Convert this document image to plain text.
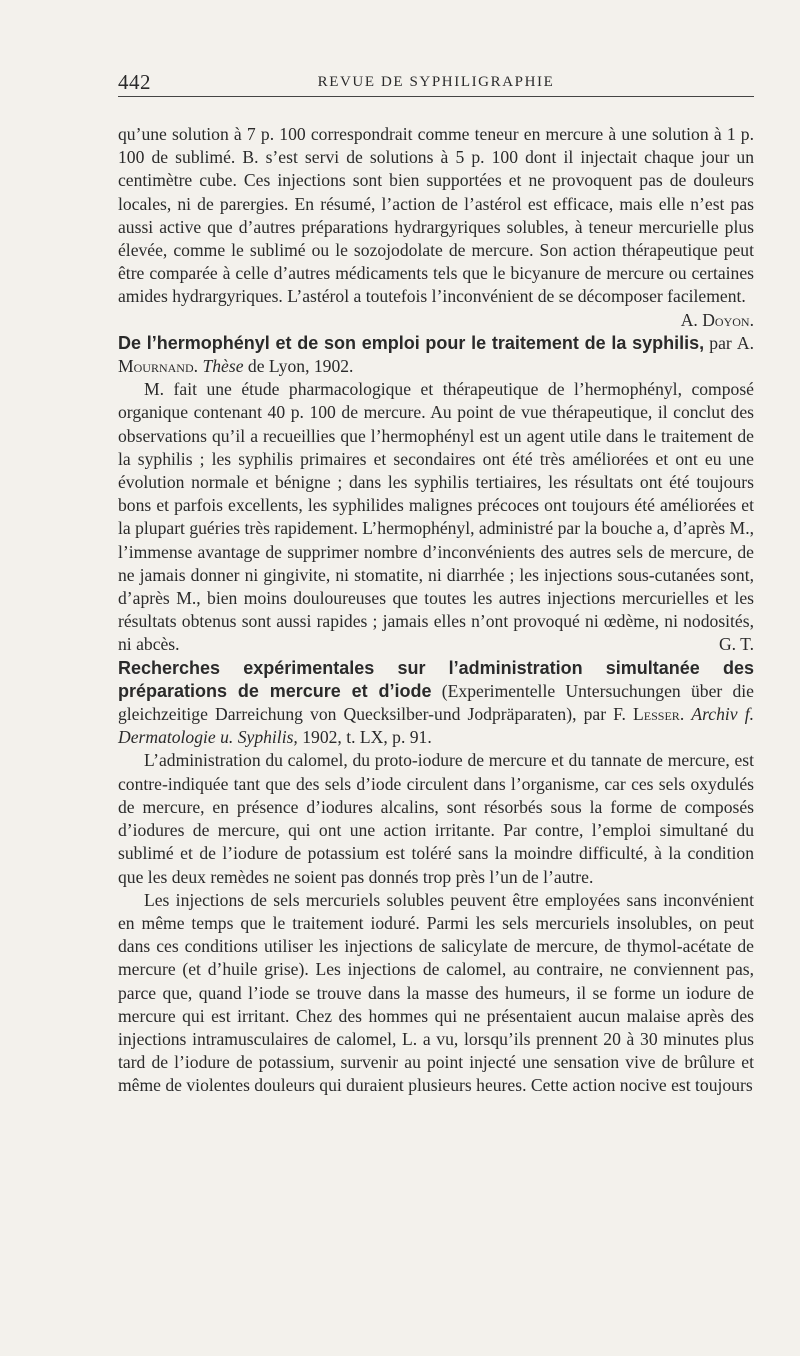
442	REVUE DE SYPHILIGRAPHIE

qu’une solution à 7 p. 100 correspondrait comme teneur en mercure à une solution à 1 p. 100 de sublimé. B. s’est servi de solutions à 5 p. 100 dont il injectait chaque jour un centimètre cube. Ces injections sont bien supportées et ne provoquent pas de douleurs locales, ni de parergies. En résumé, l’action de l’astérol est efficace, mais elle n’est pas aussi active que d’autres préparations hydrargyriques solubles, à teneur mercurielle plus élevée, comme le sublimé ou le sozojodolate de mercure. Son action thérapeutique peut être comparée à celle d’autres médicaments tels que le bicyanure de mercure ou certaines amides hydrargyriques. L’astérol a toutefois l’inconvénient de se décomposer facilement.
A. Doyon.

De l’hermophényl et de son emploi pour le traitement de la syphilis, par A. Mournand. Thèse de Lyon, 1902.

M. fait une étude pharmacologique et thérapeutique de l’hermophényl, composé organique contenant 40 p. 100 de mercure. Au point de vue thérapeutique, il conclut des observations qu’il a recueillies que l’hermophényl est un agent utile dans le traitement de la syphilis ; les syphilis primaires et secondaires ont été très améliorées et ont eu une évolution normale et bénigne ; dans les syphilis tertiaires, les résultats ont été toujours bons et parfois excellents, les syphilides malignes précoces ont toujours été améliorées et la plupart guéries très rapidement. L’hermophényl, administré par la bouche a, d’après M., l’immense avantage de supprimer nombre d’inconvénients des autres sels de mercure, de ne jamais donner ni gingivite, ni stomatite, ni diarrhée ; les injections sous-cutanées sont, d’après M., bien moins douloureuses que toutes les autres injections mercurielles et les résultats obtenus sont aussi rapides ; jamais elles n’ont provoqué ni œdème, ni nodosités, ni abcès.	G. T.

Recherches expérimentales sur l’administration simultanée des préparations de mercure et d’iode (Experimentelle Untersuchungen über die gleichzeitige Darreichung von Quecksilber-und Jodpräparaten), par F. Lesser. Archiv f. Dermatologie u. Syphilis, 1902, t. LX, p. 91.

L’administration du calomel, du proto-iodure de mercure et du tannate de mercure, est contre-indiquée tant que des sels d’iode circulent dans l’organisme, car ces sels oxydulés de mercure, en présence d’iodures alcalins, sont résorbés sous la forme de composés d’iodures de mercure, qui ont une action irritante. Par contre, l’emploi simultané du sublimé et de l’iodure de potassium est toléré sans la moindre difficulté, à la condition que les deux remèdes ne soient pas donnés trop près l’un de l’autre.

Les injections de sels mercuriels solubles peuvent être employées sans inconvénient en même temps que le traitement ioduré. Parmi les sels mercuriels insolubles, on peut dans ces conditions utiliser les injections de salicylate de mercure, de thymol-acétate de mercure (et d’huile grise). Les injections de calomel, au contraire, ne conviennent pas, parce que, quand l’iode se trouve dans la masse des humeurs, il se forme un iodure de mercure qui est irritant. Chez des hommes qui ne présentaient aucun malaise après des injections intramusculaires de calomel, L. a vu, lorsqu’ils prennent 20 à 30 minutes plus tard de l’iodure de potassium, survenir au point injecté une sensation vive de brûlure et même de violentes douleurs qui duraient plusieurs heures. Cette action nocive est toujours
